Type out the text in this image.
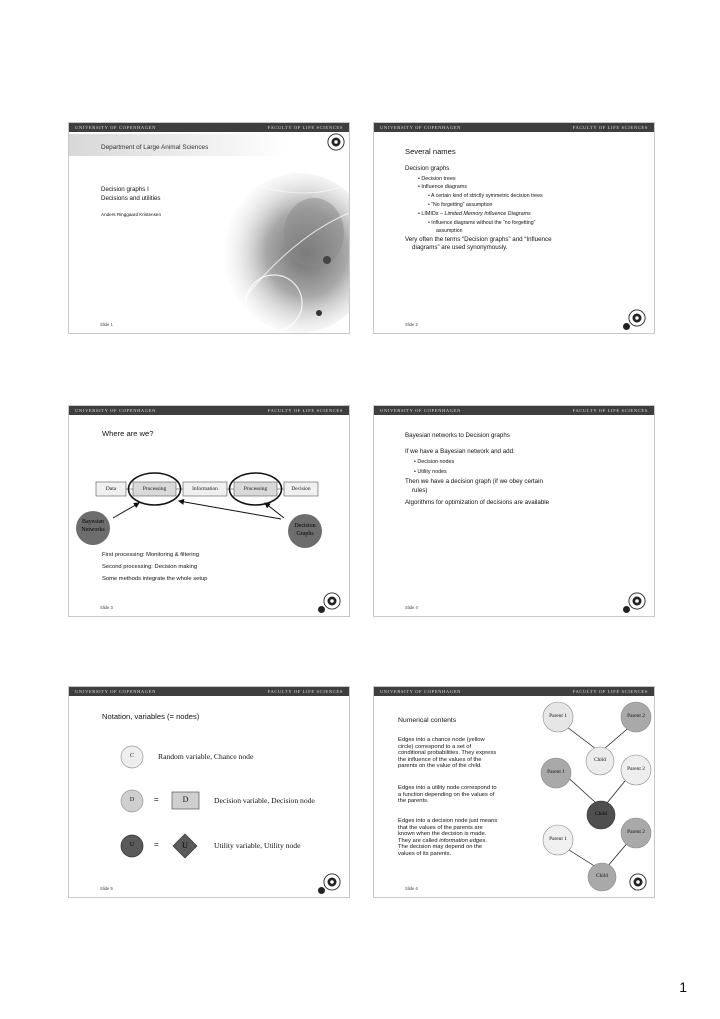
UNIVERSITY OF COPENHAGEN	FACULTY OF LIFE SCIENCES
Department of Large Animal Sciences
Decision graphs I
Decisions and utilities
Anders Ringgaard Kristensen
Slide 1
UNIVERSITY OF COPENHAGEN	FACULTY OF LIFE SCIENCES
Several names
Decision graphs
• Decision trees
• Influence diagrams
• A certain kind of strictly symmetric decision trees
• “No forgetting” assumption
• LIMIDs – Limited Memory Influence Diagrams
• Influence diagrams without the “no forgetting”
assumption
Very often the terms “Decision graphs” and “Influence
diagrams” are used synonymously.
Slide 2
UNIVERSITY OF COPENHAGEN	FACULTY OF LIFE SCIENCES
Where are we?
Data	Processing	Information	Processing	Decision
Bayesian
Networks
Decision
Graphs
First processing: Monitoring & filtering
Second processing: Decision making
Some methods integrate the whole setup
Slide 3
UNIVERSITY OF COPENHAGEN	FACULTY OF LIFE SCIENCES
Bayesian networks to Decision graphs
If we have a Bayesian network and add:
• Decision nodes
• Utility nodes
Then we have a decision graph (if we obey certain
rules)
Algorithms for optimization of decisions are available
Slide 4
UNIVERSITY OF COPENHAGEN	FACULTY OF LIFE SCIENCES
Notation, variables (= nodes)
C	Random variable, Chance node
D	=	D	Decision variable, Decision node
U	=	U	Utility variable, Utility node
Slide 5
UNIVERSITY OF COPENHAGEN	FACULTY OF LIFE SCIENCES
Numerical contents
Edges into a chance node (yellow
circle) correspond to a set of
conditional probabilities. They express
the influence of the values of the
parents on the value of the child.
Edges into a utility node correspond to
a function depending on the values of
the parents.
Edges into a decision node just means
that the values of the parents are
known when the decision is made.
They are called information edges.
The decision may depend on the
values of its parents.
Parent 1	Parent 2
Child
Parent 1	Parent 2
Child
Parent 1
Parent 2
Child
Slide 6
1
